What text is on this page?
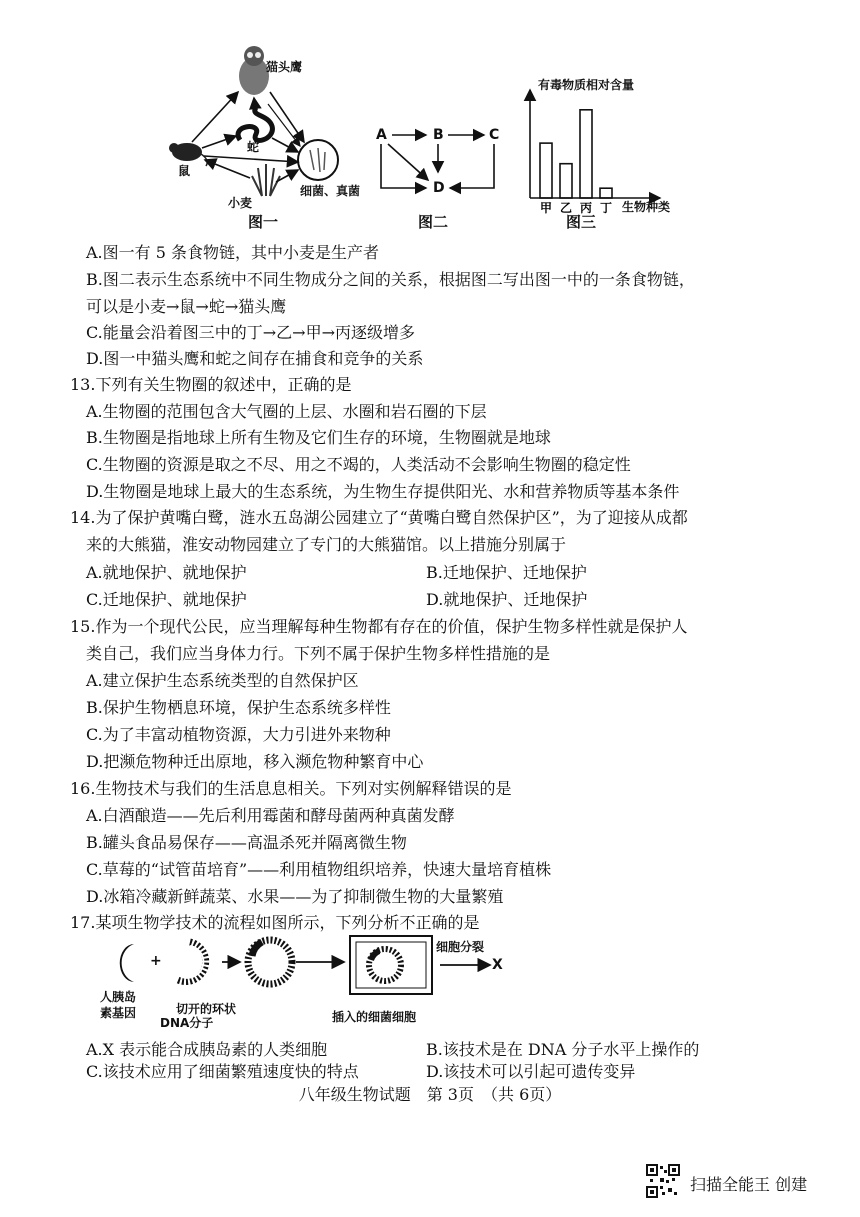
甲 乙 丙 丁
猫头鹰
蛇
鼠
小麦
细菌、真菌
图一
A	B	C
D
图二
有毒物质相对含量
生物种类
图三
A.图一有 5 条食物链，其中小麦是生产者
B.图二表示生态系统中不同生物成分之间的关系，根据图二写出图一中的一条食物链，
可以是小麦→鼠→蛇→猫头鹰
C.能量会沿着图三中的丁→乙→甲→丙逐级增多
D.图一中猫头鹰和蛇之间存在捕食和竞争的关系
13.下列有关生物圈的叙述中，正确的是
A.生物圈的范围包含大气圈的上层、水圈和岩石圈的下层
B.生物圈是指地球上所有生物及它们生存的环境，生物圈就是地球
C.生物圈的资源是取之不尽、用之不竭的，人类活动不会影响生物圈的稳定性
D.生物圈是地球上最大的生态系统，为生物生存提供阳光、水和营养物质等基本条件
14.为了保护黄嘴白鹭，涟水五岛湖公园建立了“黄嘴白鹭自然保护区”，为了迎接从成都
来的大熊猫，淮安动物园建立了专门的大熊猫馆。以上措施分别属于
A.就地保护、就地保护	B.迁地保护、迁地保护
C.迁地保护、就地保护	D.就地保护、迁地保护
15.作为一个现代公民，应当理解每种生物都有存在的价值，保护生物多样性就是保护人
类自己，我们应当身体力行。下列不属于保护生物多样性措施的是
A.建立保护生态系统类型的自然保护区
B.保护生物栖息环境，保护生态系统多样性
C.为了丰富动植物资源，大力引进外来物种
D.把濒危物种迁出原地，移入濒危物种繁育中心
16.生物技术与我们的生活息息相关。下列对实例解释错误的是
A.白酒酿造——先后利用霉菌和酵母菌两种真菌发酵
B.罐头食品易保存——高温杀死并隔离微生物
C.草莓的“试管苗培育”——利用植物组织培养，快速大量培育植株
D.冰箱冷藏新鲜蔬菜、水果——为了抑制微生物的大量繁殖
17.某项生物学技术的流程如图所示，下列分析不正确的是
+
人胰岛
素基因	切开的环状
DNA分子	插入的细菌细胞
细胞分裂
X
A.X 表示能合成胰岛素的人类细胞	B.该技术是在 DNA 分子水平上操作的
C.该技术应用了细菌繁殖速度快的特点	D.该技术可以引起可遗传变异
八年级生物试题　第 3页　（共 6页）
扫描全能王 创建
